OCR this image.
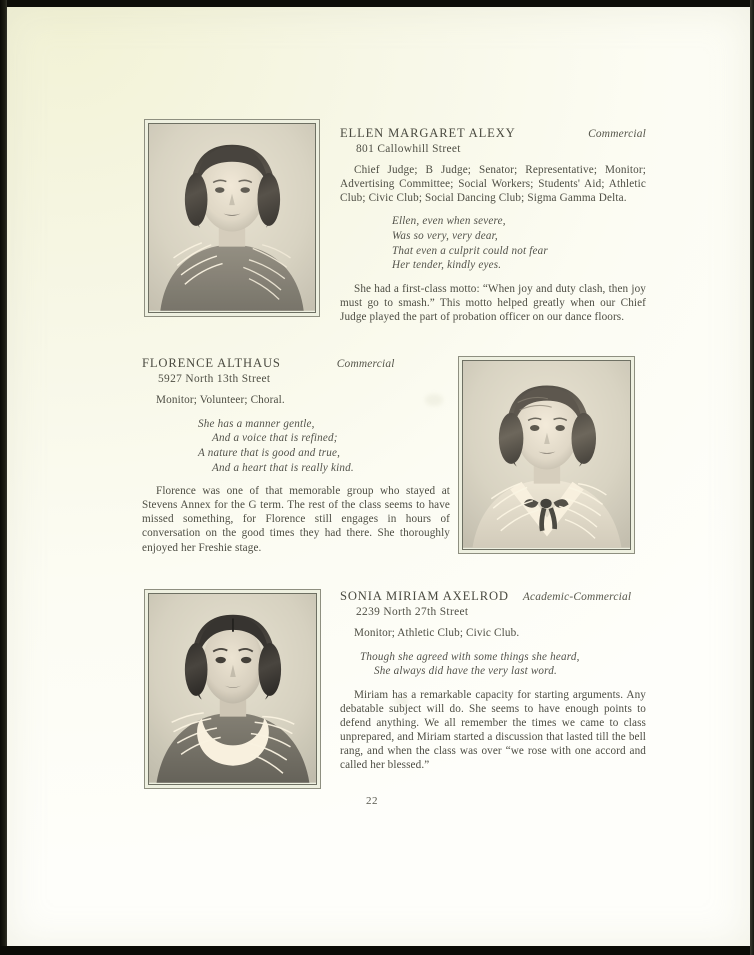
ELLEN MARGARET ALEXY	Commercial
801 Callowhill Street
Chief Judge; B Judge; Senator; Representative; Monitor; Advertising Committee; Social Workers; Students' Aid; Athletic Club; Civic Club; Social Dancing Club; Sigma Gamma Delta.
Ellen, even when severe,
Was so very, very dear,
That even a culprit could not fear
Her tender, kindly eyes.
She had a first-class motto: “When joy and duty clash, then joy must go to smash.” This motto helped greatly when our Chief Judge played the part of probation officer on our dance floors.
FLORENCE ALTHAUS	Commercial
5927 North 13th Street
Monitor; Volunteer; Choral.
She has a manner gentle,
And a voice that is refined;
A nature that is good and true,
And a heart that is really kind.
Florence was one of that memorable group who stayed at Stevens Annex for the G term. The rest of the class seems to have missed something, for Florence still engages in hours of conversation on the good times they had there. She thoroughly enjoyed her Freshie stage.
SONIA MIRIAM AXELROD Academic-Commercial
2239 North 27th Street
Monitor; Athletic Club; Civic Club.
Though she agreed with some things she heard,
She always did have the very last word.
Miriam has a remarkable capacity for starting arguments. Any debatable subject will do. She seems to have enough points to defend anything. We all remember the times we came to class unprepared, and Miriam started a discussion that lasted till the bell rang, and when the class was over “we rose with one accord and called her blessed.”
22
